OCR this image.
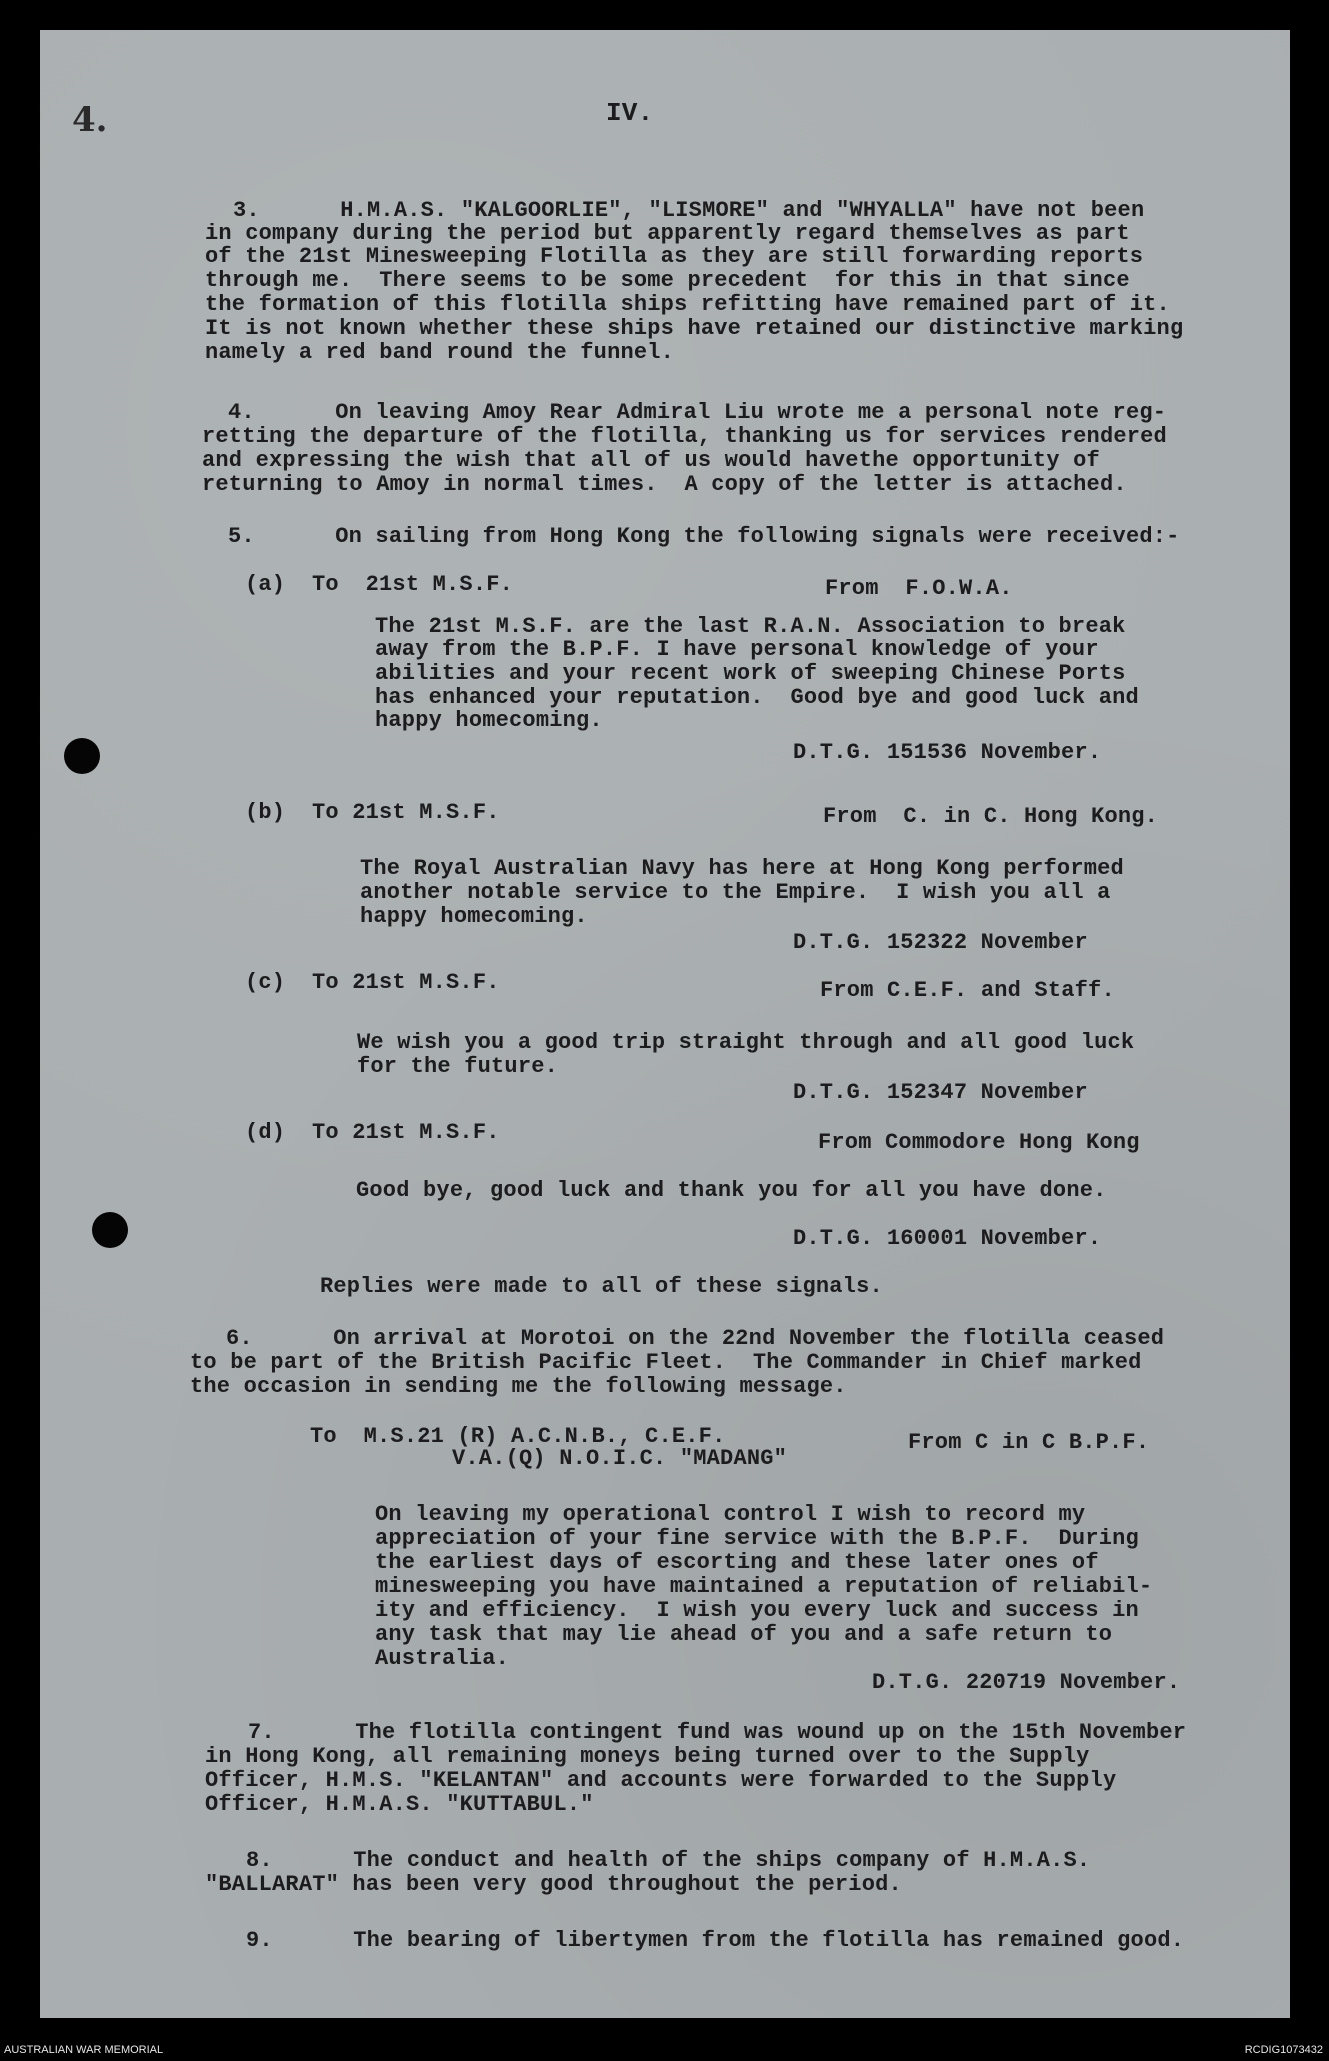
4.	IV.
3.      H.M.A.S. "KALGOORLIE", "LISMORE" and "WHYALLA" have not been
in company during the period but apparently regard themselves as part
of the 21st Minesweeping Flotilla as they are still forwarding reports
through me.  There seems to be some precedent  for this in that since
the formation of this flotilla ships refitting have remained part of it.
It is not known whether these ships have retained our distinctive marking
namely a red band round the funnel.
4.      On leaving Amoy Rear Admiral Liu wrote me a personal note reg-
retting the departure of the flotilla, thanking us for services rendered
and expressing the wish that all of us would havethe opportunity of
returning to Amoy in normal times.  A copy of the letter is attached.
5.      On sailing from Hong Kong the following signals were received:-
(a)  To  21st M.S.F.	From  F.O.W.A.
The 21st M.S.F. are the last R.A.N. Association to break
away from the B.P.F. I have personal knowledge of your
abilities and your recent work of sweeping Chinese Ports
has enhanced your reputation.  Good bye and good luck and
happy homecoming.
D.T.G. 151536 November.
(b)  To 21st M.S.F.	From  C. in C. Hong Kong.
The Royal Australian Navy has here at Hong Kong performed
another notable service to the Empire.  I wish you all a
happy homecoming.
D.T.G. 152322 November
(c)  To 21st M.S.F.	From C.E.F. and Staff.
We wish you a good trip straight through and all good luck
for the future.
D.T.G. 152347 November
(d)  To 21st M.S.F.	From Commodore Hong Kong
Good bye, good luck and thank you for all you have done.
D.T.G. 160001 November.
Replies were made to all of these signals.
6.      On arrival at Morotoi on the 22nd November the flotilla ceased
to be part of the British Pacific Fleet.  The Commander in Chief marked
the occasion in sending me the following message.
To  M.S.21 (R) A.C.N.B., C.E.F.
V.A.(Q) N.O.I.C. "MADANG"
From C in C B.P.F.
On leaving my operational control I wish to record my
appreciation of your fine service with the B.P.F.  During
the earliest days of escorting and these later ones of
minesweeping you have maintained a reputation of reliabil-
ity and efficiency.  I wish you every luck and success in
any task that may lie ahead of you and a safe return to
Australia.
D.T.G. 220719 November.
7.      The flotilla contingent fund was wound up on the 15th November
in Hong Kong, all remaining moneys being turned over to the Supply
Officer, H.M.S. "KELANTAN" and accounts were forwarded to the Supply
Officer, H.M.A.S. "KUTTABUL."
8.      The conduct and health of the ships company of H.M.A.S.
"BALLARAT" has been very good throughout the period.
9.      The bearing of libertymen from the flotilla has remained good.
AUSTRALIAN WAR MEMORIAL	RCDIG1073432
